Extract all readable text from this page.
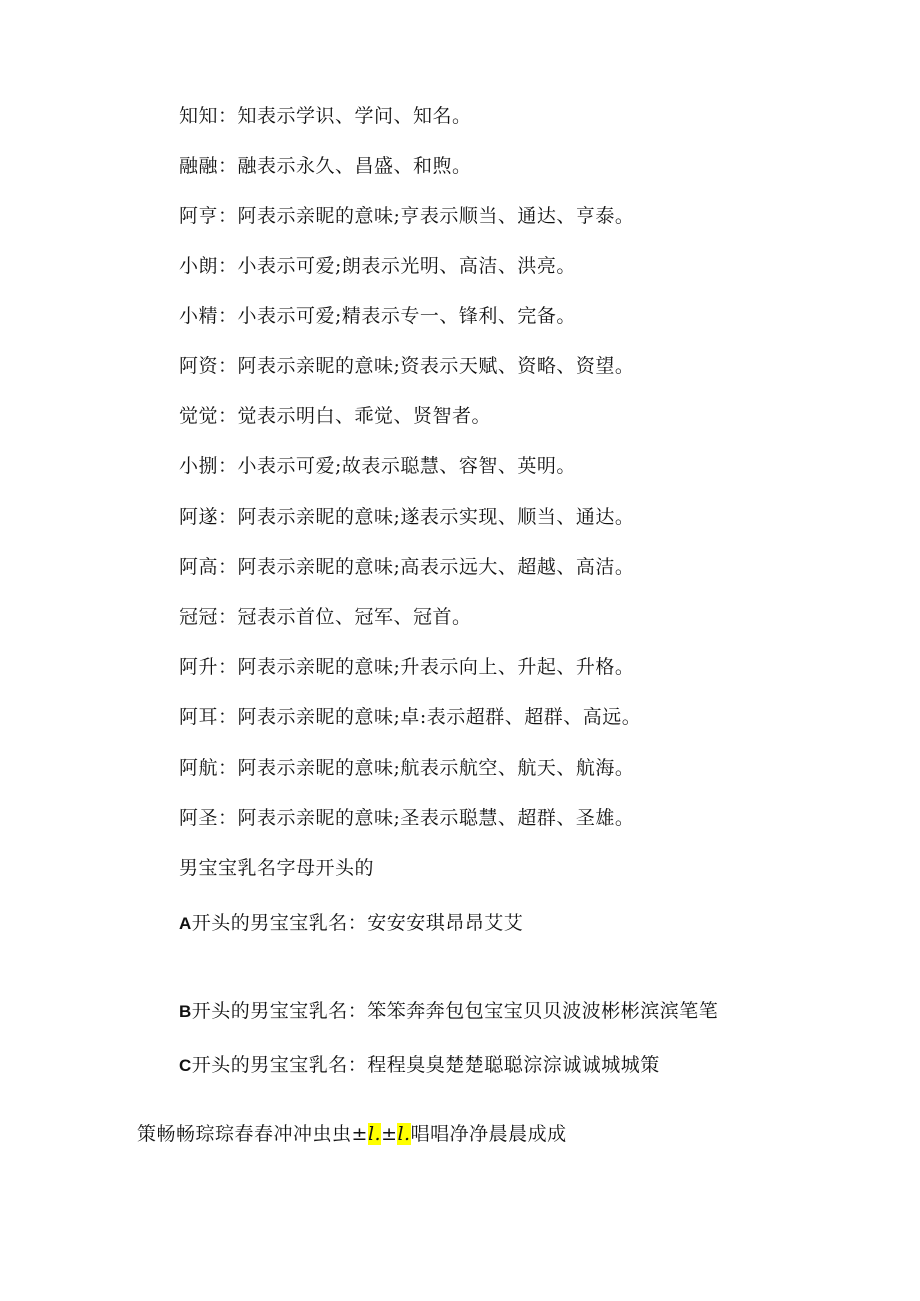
知知：知表示学识、学问、知名。
融融：融表示永久、昌盛、和煦。
阿亨：阿表示亲昵的意味;亨表示顺当、通达、亨泰。
小朗：小表示可爱;朗表示光明、高洁、洪亮。
小精：小表示可爱;精表示专一、锋利、完备。
阿资：阿表示亲昵的意味;资表示天赋、资略、资望。
觉觉：觉表示明白、乖觉、贤智者。
小捌：小表示可爱;故表示聪慧、容智、英明。
阿遂：阿表示亲昵的意味;遂表示实现、顺当、通达。
阿高：阿表示亲昵的意味;高表示远大、超越、高洁。
冠冠：冠表示首位、冠军、冠首。
阿升：阿表示亲昵的意味;升表示向上、升起、升格。
阿耳：阿表示亲昵的意味;卓:表示超群、超群、高远。
阿航：阿表示亲昵的意味;航表示航空、航天、航海。
阿圣：阿表示亲昵的意味;圣表示聪慧、超群、圣雄。
男宝宝乳名字母开头的
A开头的男宝宝乳名：安安安琪昂昂艾艾
B开头的男宝宝乳名：笨笨奔奔包包宝宝贝贝波波彬彬滨滨笔笔
C开头的男宝宝乳名：程程臭臭楚楚聪聪淙淙诚诚城城策
策畅畅琮琮春春冲冲虫虫±l.±l.唱唱净净晨晨成成
